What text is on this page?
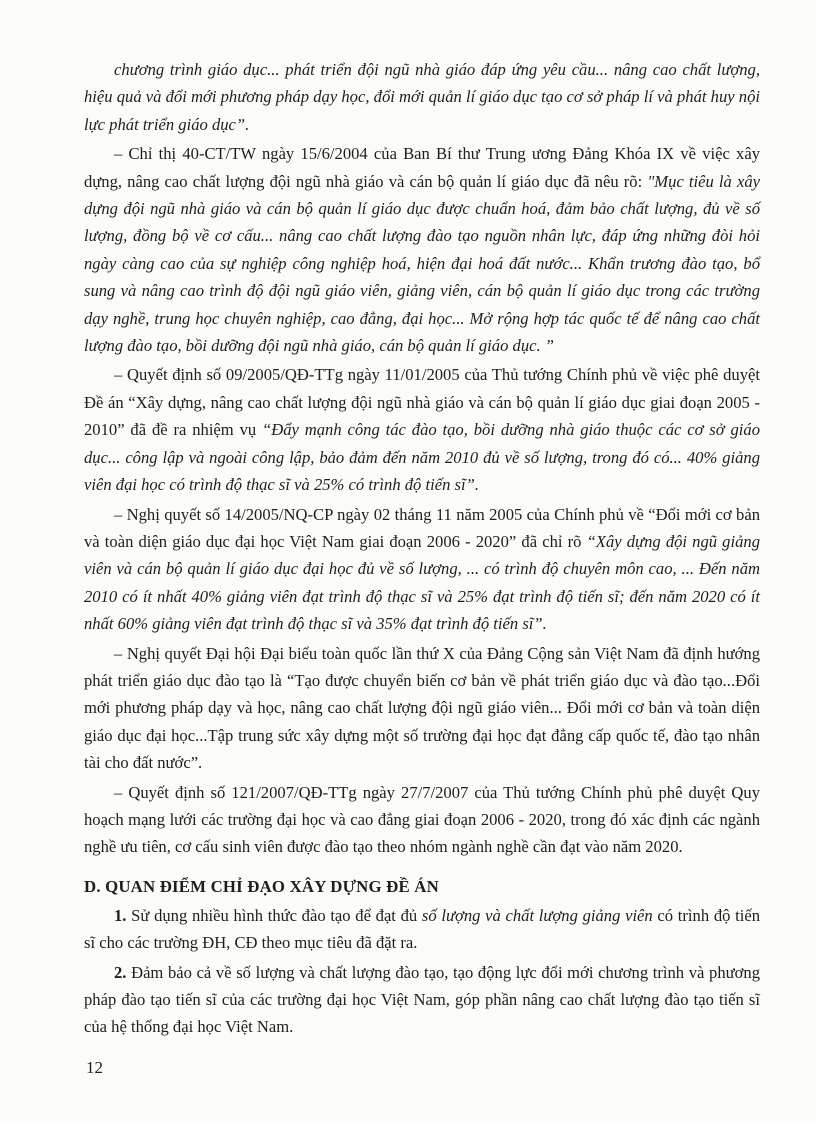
chương trình giáo dục... phát triển đội ngũ nhà giáo đáp ứng yêu cầu... nâng cao chất lượng, hiệu quả và đổi mới phương pháp dạy học, đổi mới quản lí giáo dục tạo cơ sở pháp lí và phát huy nội lực phát triển giáo dục”.

– Chỉ thị 40-CT/TW ngày 15/6/2004 của Ban Bí thư Trung ương Đảng Khóa IX về việc xây dựng, nâng cao chất lượng đội ngũ nhà giáo và cán bộ quản lí giáo dục đã nêu rõ: "Mục tiêu là xây dựng đội ngũ nhà giáo và cán bộ quản lí giáo dục được chuẩn hoá, đảm bảo chất lượng, đủ về số lượng, đồng bộ về cơ cấu... nâng cao chất lượng đào tạo nguồn nhân lực, đáp ứng những đòi hỏi ngày càng cao của sự nghiệp công nghiệp hoá, hiện đại hoá đất nước... Khẩn trương đào tạo, bổ sung và nâng cao trình độ đội ngũ giáo viên, giảng viên, cán bộ quản lí giáo dục trong các trường dạy nghề, trung học chuyên nghiệp, cao đẳng, đại học... Mở rộng hợp tác quốc tế để nâng cao chất lượng đào tạo, bồi dưỡng đội ngũ nhà giáo, cán bộ quản lí giáo dục. ”

– Quyết định số 09/2005/QĐ-TTg ngày 11/01/2005 của Thủ tướng Chính phủ về việc phê duyệt Đề án “Xây dựng, nâng cao chất lượng đội ngũ nhà giáo và cán bộ quản lí giáo dục giai đoạn 2005 - 2010” đã đề ra nhiệm vụ “Đẩy mạnh công tác đào tạo, bồi dưỡng nhà giáo thuộc các cơ sở giáo dục... công lập và ngoài công lập, bảo đảm đến năm 2010 đủ về số lượng, trong đó có... 40% giảng viên đại học có trình độ thạc sĩ và 25% có trình độ tiến sĩ”.

– Nghị quyết số 14/2005/NQ-CP ngày 02 tháng 11 năm 2005 của Chính phủ về “Đổi mới cơ bản và toàn diện giáo dục đại học Việt Nam giai đoạn 2006 - 2020” đã chỉ rõ “Xây dựng đội ngũ giảng viên và cán bộ quản lí giáo dục đại học đủ về số lượng, ... có trình độ chuyên môn cao, ... Đến năm 2010 có ít nhất 40% giảng viên đạt trình độ thạc sĩ và 25% đạt trình độ tiến sĩ; đến năm 2020 có ít nhất 60% giảng viên đạt trình độ thạc sĩ và 35% đạt trình độ tiến sĩ”.

– Nghị quyết Đại hội Đại biểu toàn quốc lần thứ X của Đảng Cộng sản Việt Nam đã định hướng phát triển giáo dục đào tạo là “Tạo được chuyển biến cơ bản về phát triển giáo dục và đào tạo...Đổi mới phương pháp dạy và học, nâng cao chất lượng đội ngũ giáo viên... Đổi mới cơ bản và toàn diện giáo dục đại học...Tập trung sức xây dựng một số trường đại học đạt đẳng cấp quốc tế, đào tạo nhân tài cho đất nước”.

– Quyết định số 121/2007/QĐ-TTg ngày 27/7/2007 của Thủ tướng Chính phủ phê duyệt Quy hoạch mạng lưới các trường đại học và cao đẳng giai đoạn 2006 - 2020, trong đó xác định các ngành nghề ưu tiên, cơ cấu sinh viên được đào tạo theo nhóm ngành nghề cần đạt vào năm 2020.

D. QUAN ĐIỂM CHỈ ĐẠO XÂY DỰNG ĐỀ ÁN

1. Sử dụng nhiều hình thức đào tạo để đạt đủ số lượng và chất lượng giảng viên có trình độ tiến sĩ cho các trường ĐH, CĐ theo mục tiêu đã đặt ra.

2. Đảm bảo cả về số lượng và chất lượng đào tạo, tạo động lực đổi mới chương trình và phương pháp đào tạo tiến sĩ của các trường đại học Việt Nam, góp phần nâng cao chất lượng đào tạo tiến sĩ của hệ thống đại học Việt Nam.

12
